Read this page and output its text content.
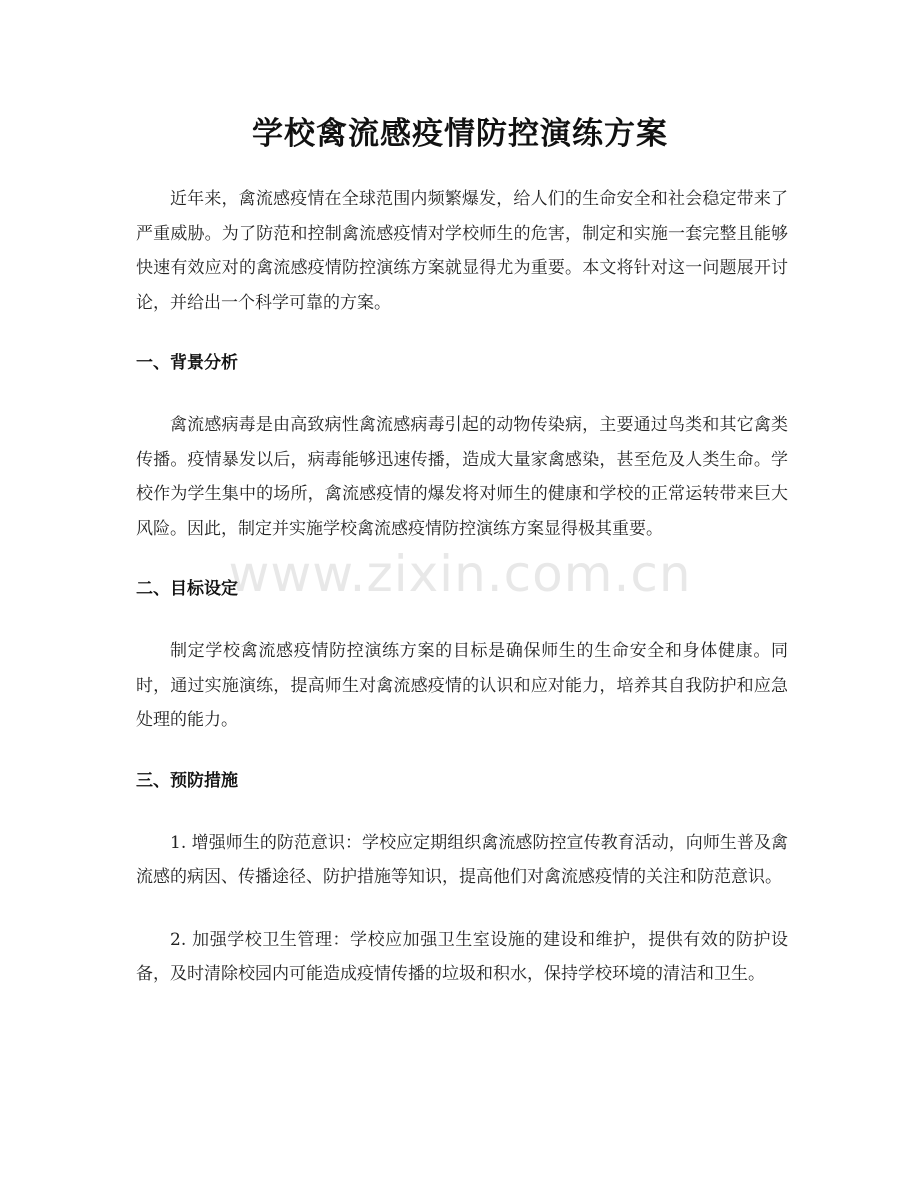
学校禽流感疫情防控演练方案

近年来，禽流感疫情在全球范围内频繁爆发，给人们的生命安全和社会稳定带来了严重威胁。为了防范和控制禽流感疫情对学校师生的危害，制定和实施一套完整且能够快速有效应对的禽流感疫情防控演练方案就显得尤为重要。本文将针对这一问题展开讨论，并给出一个科学可靠的方案。

一、背景分析

禽流感病毒是由高致病性禽流感病毒引起的动物传染病，主要通过鸟类和其它禽类传播。疫情暴发以后，病毒能够迅速传播，造成大量家禽感染，甚至危及人类生命。学校作为学生集中的场所，禽流感疫情的爆发将对师生的健康和学校的正常运转带来巨大风险。因此，制定并实施学校禽流感疫情防控演练方案显得极其重要。

二、目标设定

制定学校禽流感疫情防控演练方案的目标是确保师生的生命安全和身体健康。同时，通过实施演练，提高师生对禽流感疫情的认识和应对能力，培养其自我防护和应急处理的能力。

三、预防措施

1. 增强师生的防范意识：学校应定期组织禽流感防控宣传教育活动，向师生普及禽流感的病因、传播途径、防护措施等知识，提高他们对禽流感疫情的关注和防范意识。

2. 加强学校卫生管理：学校应加强卫生室设施的建设和维护，提供有效的防护设备，及时清除校园内可能造成疫情传播的垃圾和积水，保持学校环境的清洁和卫生。

www.zixin.com.cn
